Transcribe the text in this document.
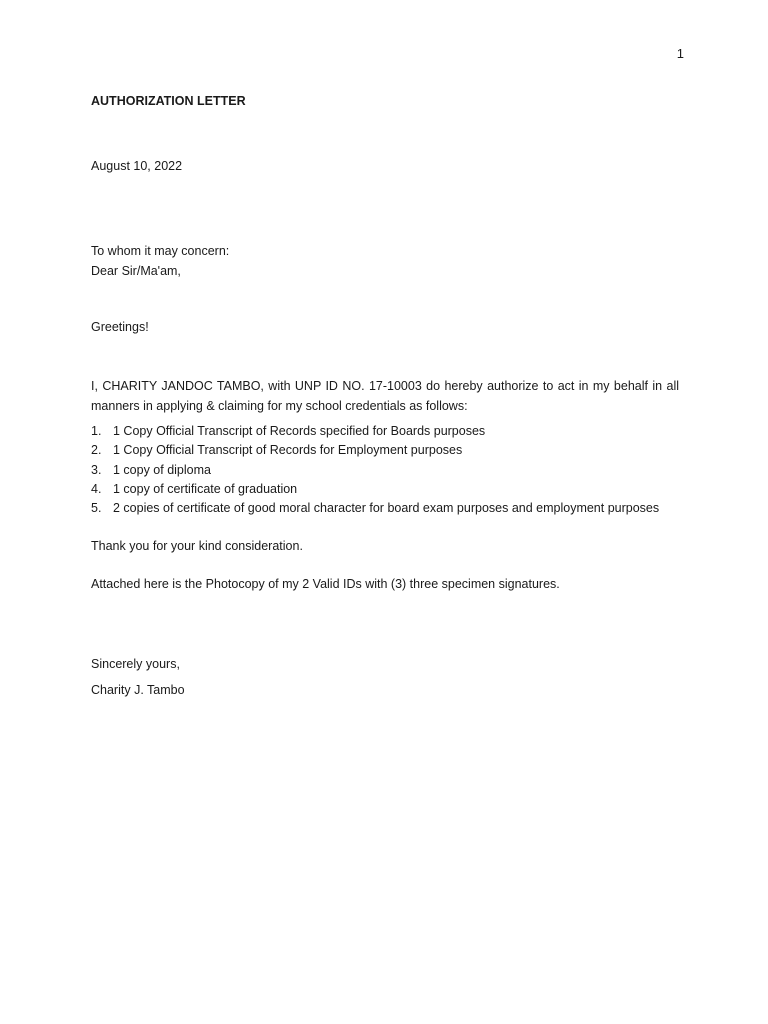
1
AUTHORIZATION LETTER
August 10, 2022
To whom it may concern:
Dear Sir/Ma'am,
Greetings!
I, CHARITY JANDOC TAMBO, with UNP ID NO. 17-10003 do hereby authorize to act in my behalf in all manners in applying & claiming for my school credentials as follows:
1. 1 Copy Official Transcript of Records specified for Boards purposes
2. 1 Copy Official Transcript of Records for Employment purposes
3. 1 copy of diploma
4. 1 copy of certificate of graduation
5. 2 copies of certificate of good moral character for board exam purposes and employment purposes
Thank you for your kind consideration.
Attached here is the Photocopy of my 2 Valid IDs with (3) three specimen signatures.
Sincerely yours,
Charity J. Tambo
